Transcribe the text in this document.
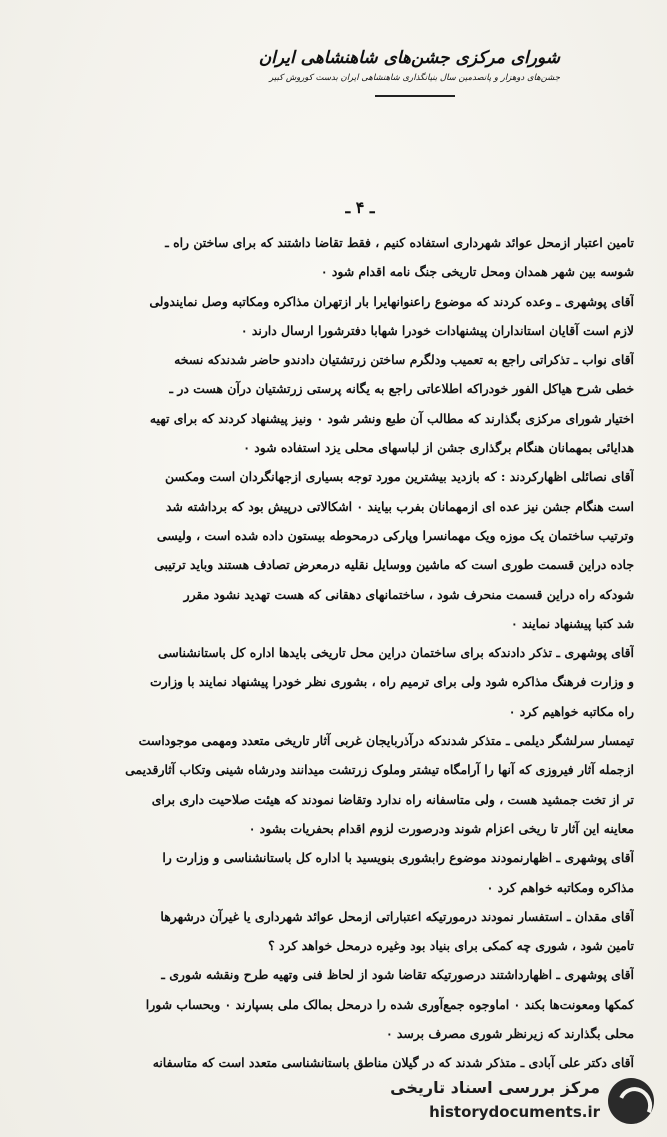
شورای مرکزی جشن‌های شاهنشاهی ایران
جشن‌های دوهزار و پانصدمین سال بنیانگذاری شاهنشاهی ایران بدست کوروش کبیر
ـ ۴ ـ
تامین اعتبار ازمحل عوائد شهرداری استفاده کنیم ، فقط تقاضا داشتند که برای ساختن راه ـ
شوسه بین شهر همدان ومحل تاریخی جنگ نامه اقدام شود ۰
آقای پوشهری ـ وعده کردند که موضوع راعنوانهایرا بار ازتهران مذاکره ومکاتبه وصل نمایندولی
لازم است آقایان استانداران پیشنهادات خودرا شهابا دفترشورا ارسال دارند ۰
آقای نواب ـ تذکراتی راجع به تعمیب ودلگرم ساختن زرتشتیان دادندو حاضر شدندکه نسخه
خطی شرح هیاکل الفور خودراکه اطلاعاتی راجع به یگانه پرستی زرتشتیان درآن هست در ـ
اختیار شورای مرکزی بگذارند که مطالب آن طبع ونشر شود ۰ ونیز پیشنهاد کردند که برای تهیه
هدایائی بمهمانان هنگام برگذاری جشن از لباسهای محلی یزد استفاده شود ۰
آقای نصائلی اظهارکردند : که بازدید بیشترین مورد توجه بسیاری ازجهانگردان است ومکسن
است هنگام جشن نیز عده ای ازمهمانان بفرب بیایند ۰ اشکالاتی درپیش بود که برداشته شد
وترتیب ساختمان یک موزه ویک مهمانسرا وپارکی درمحوطه بیستون داده شده است ، ولیسی
جاده دراین قسمت طوری است که ماشین ووسایل نقلیه درمعرض تصادف هستند وباید ترتیبی
شودکه راه دراین قسمت منحرف شود ، ساختمانهای دهقانی که هست تهدید نشود مقرر
شد کتبا پیشنهاد نمایند ۰
آقای پوشهری ـ تذکر دادندکه برای ساختمان دراین محل تاریخی بایدها اداره کل باستانشناسی
و وزارت فرهنگ مذاکره شود ولی برای ترمیم راه ، بشوری نظر خودرا پیشنهاد نمایند با وزارت
راه مکاتبه خواهیم کرد ۰
تیمسار سرلشگر دیلمی ـ متذکر شدندکه درآذربایجان غربی آثار تاریخی متعدد ومهمی موجوداست
ازجمله آثار فیروزی که آنها را آرامگاه تیشتر وملوک زرتشت میدانند ودرشاه شینی وتکاب آثارقدیمی
تر از تخت جمشید هست ، ولی متاسفانه راه ندارد وتقاضا نمودند که هیئت صلاحیت داری برای
معاینه این آثار تا ریخی اعزام شوند ودرصورت لزوم اقدام بحفریات بشود ۰
آقای پوشهری ـ اظهارنمودند موضوع رابشوری بنویسید با اداره کل باستانشناسی و وزارت را
مذاکره ومکاتبه خواهم کرد ۰
آقای مقدان ـ استفسار نمودند درمورتیکه اعتباراتی ازمحل عوائد شهرداری یا غیرآن درشهرها
تامین شود ، شوری چه کمکی برای بنیاد بود وغیره درمحل خواهد کرد ؟
آقای پوشهری ـ اظهارداشتند درصورتیکه تقاضا شود از لحاظ فنی وتهیه طرح ونقشه شوری ـ
کمکها ومعونت‌ها بکند ۰ اماوجوه جمع‌آوری شده را درمحل بمالک ملی بسپارند ۰ وبحساب شورا
محلی بگذارند که زیرنظر شوری مصرف برسد ۰
آقای دکتر علی آبادی ـ متذکر شدند که در گیلان مناطق باستانشناسی متعدد است که متاسفانه
مرکز بررسی اسناد تاریخی
historydocuments.ir
